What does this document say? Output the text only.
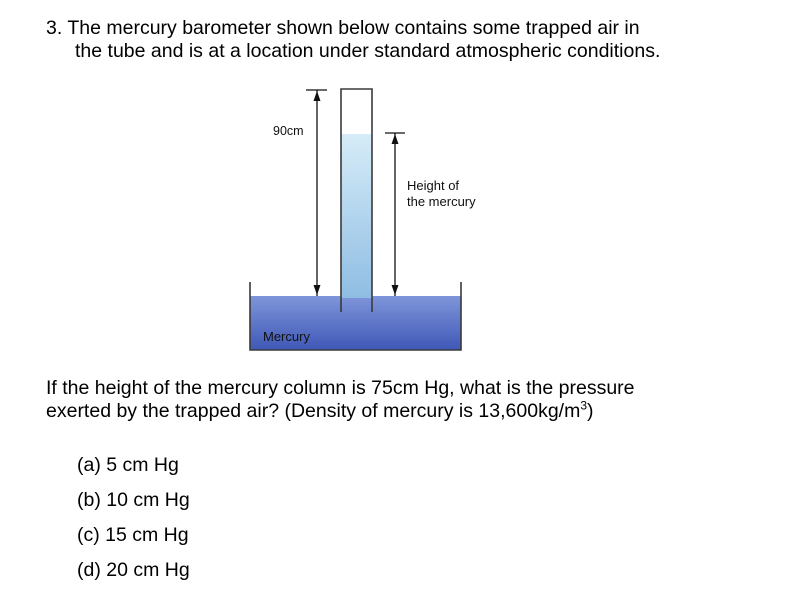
3. The mercury barometer shown below contains some trapped air in
the tube and is at a location under standard atmospheric conditions.
90cm
Height of
the mercury
Mercury
If the height of the mercury column is 75cm Hg, what is the pressure
exerted by the trapped air? (Density of mercury is $13,600kg/m^3$)
(a) 5 cm Hg
(b) 10 cm Hg
(c) 15 cm Hg
(d) 20 cm Hg
